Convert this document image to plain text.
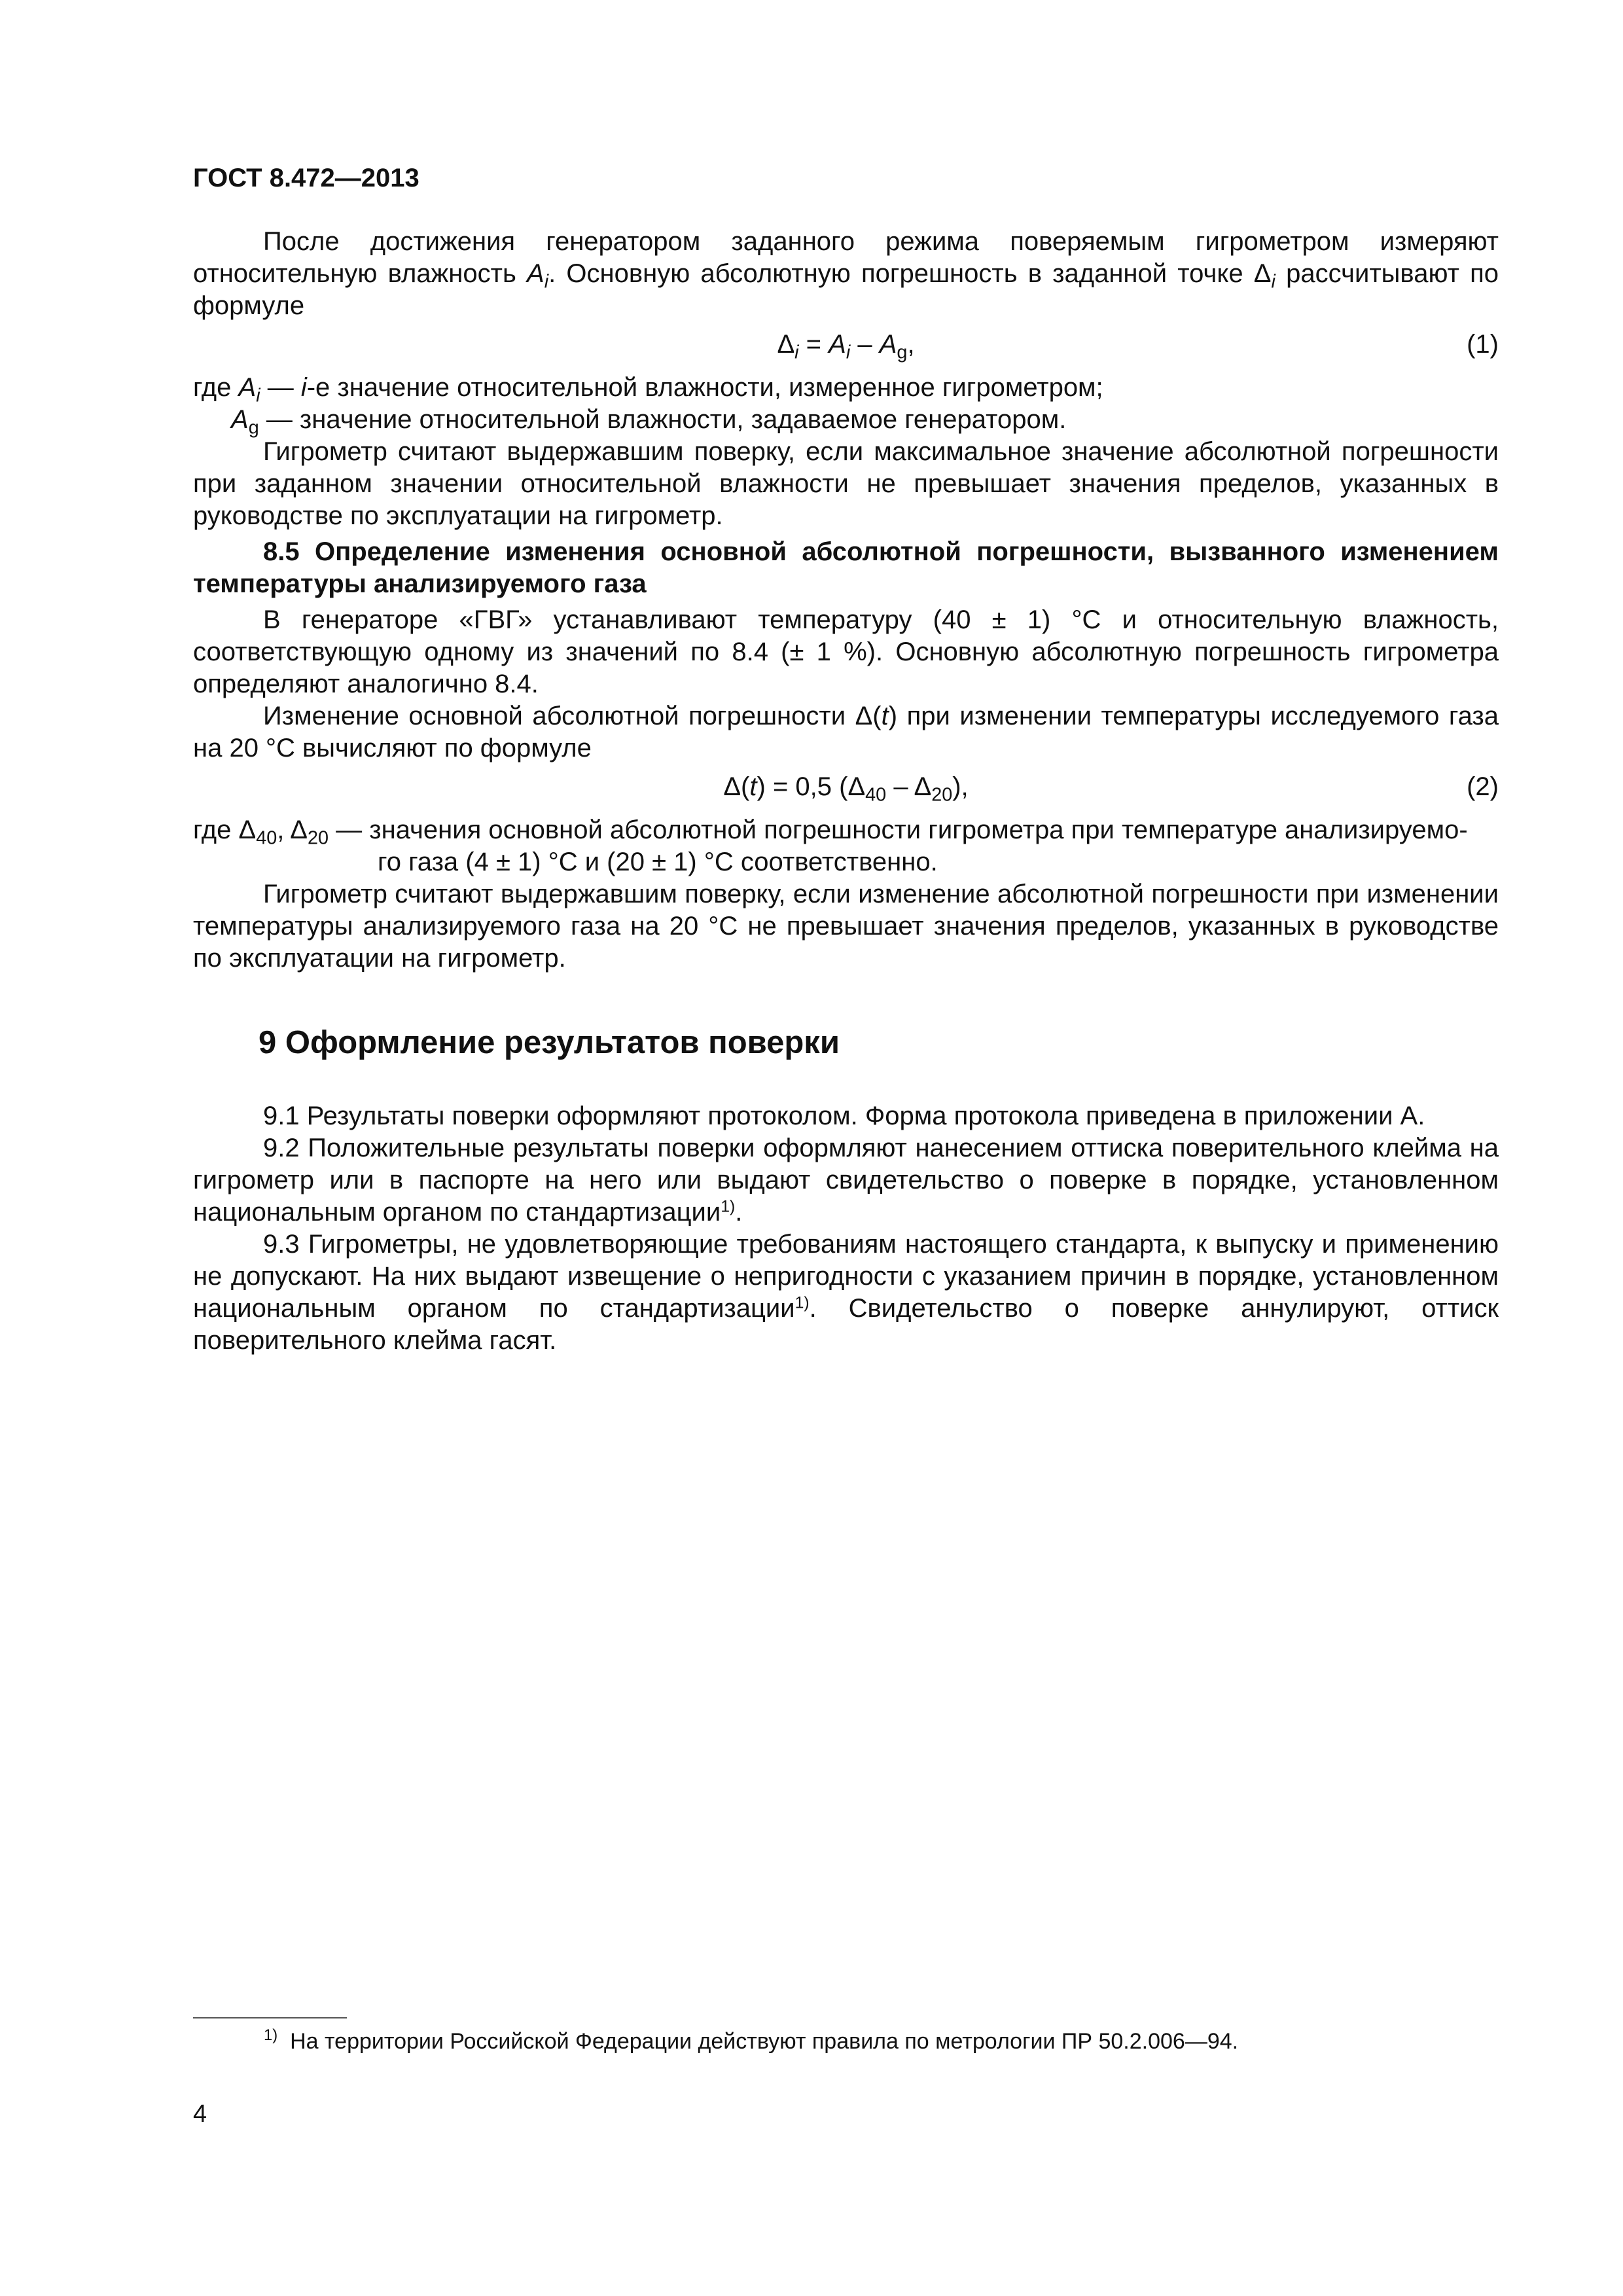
ГОСТ 8.472—2013

После достижения генератором заданного режима поверяемым гигрометром измеряют относительную влажность $A_i$. Основную абсолютную погрешность в заданной точке $\Delta_i$ рассчитывают по формуле

$\Delta_i = A_i - A_g$,	(1)

где $A_i$ — i-е значение относительной влажности, измеренное гигрометром;

$A_g$ — значение относительной влажности, задаваемое генератором.

Гигрометр считают выдержавшим поверку, если максимальное значение абсолютной погрешности при заданном значении относительной влажности не превышает значения пределов, указанных в руководстве по эксплуатации на гигрометр.

8.5 Определение изменения основной абсолютной погрешности, вызванного изменением температуры анализируемого газа

В генераторе «ГВГ» устанавливают температуру (40 ± 1) °С и относительную влажность, соответствующую одному из значений по 8.4 (± 1 %). Основную абсолютную погрешность гигрометра определяют аналогично 8.4.

Изменение основной абсолютной погрешности Δ(t) при изменении температуры исследуемого газа на 20 °С вычисляют по формуле

Δ(t) = 0,5 $(\Delta_{40} - \Delta_{20})$,	(2)

где $\Delta_{40}$, $\Delta_{20}$ — значения основной абсолютной погрешности гигрометра при температуре анализируемо-

го газа (4 ± 1) °С и (20 ± 1) °С соответственно.

Гигрометр считают выдержавшим поверку, если изменение абсолютной погрешности при изменении температуры анализируемого газа на 20 °С не превышает значения пределов, указанных в руководстве по эксплуатации на гигрометр.

9 Оформление результатов поверки

9.1 Результаты поверки оформляют протоколом. Форма протокола приведена в приложении А.

9.2 Положительные результаты поверки оформляют нанесением оттиска поверительного клейма на гигрометр или в паспорте на него или выдают свидетельство о поверке в порядке, установленном национальным органом по стандартизации$^{1)}$.

9.3 Гигрометры, не удовлетворяющие требованиям настоящего стандарта, к выпуску и применению не допускают. На них выдают извещение о непригодности с указанием причин в порядке, установленном национальным органом по стандартизации$^{1)}$. Свидетельство о поверке аннулируют, оттиск поверительного клейма гасят.

$^{1)}$ На территории Российской Федерации действуют правила по метрологии ПР 50.2.006—94.
4
